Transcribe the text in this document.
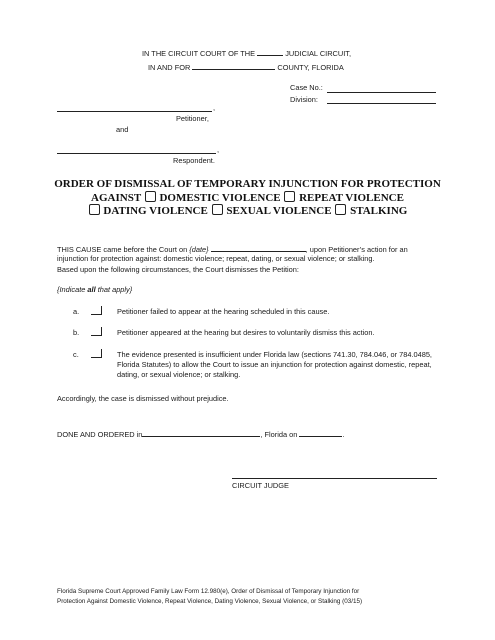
IN THE CIRCUIT COURT OF THE	JUDICIAL CIRCUIT,
IN AND FOR	COUNTY, FLORIDA
Case No.:
Division:
,
Petitioner,
and
,
Respondent.
ORDER OF DISMISSAL OF TEMPORARY INJUNCTION FOR PROTECTION
AGAINST DOMESTIC VIOLENCE REPEAT VIOLENCE
DATING VIOLENCE SEXUAL VIOLENCE STALKING
THIS CAUSE came before the Court on {date}	, upon Petitioner’s action for an
injunction for protection against: domestic violence; repeat, dating, or sexual violence; or stalking.
Based upon the following circumstances, the Court dismisses the Petition:
{Indicate all that apply}
a.	Petitioner failed to appear at the hearing scheduled in this cause.
b.	Petitioner appeared at the hearing but desires to voluntarily dismiss this action.
c.	The evidence presented is insufficient under Florida law (sections 741.30, 784.046, or 784.0485, Florida Statutes) to allow the Court to issue an injunction for protection against domestic, repeat, dating, or sexual violence; or stalking.
Accordingly, the case is dismissed without prejudice.
DONE AND ORDERED in	, Florida on	.
CIRCUIT JUDGE
Florida Supreme Court Approved Family Law Form 12.980(e), Order of Dismissal of Temporary Injunction for
Protection Against Domestic Violence, Repeat Violence, Dating Violence, Sexual Violence, or Stalking (03/15)
